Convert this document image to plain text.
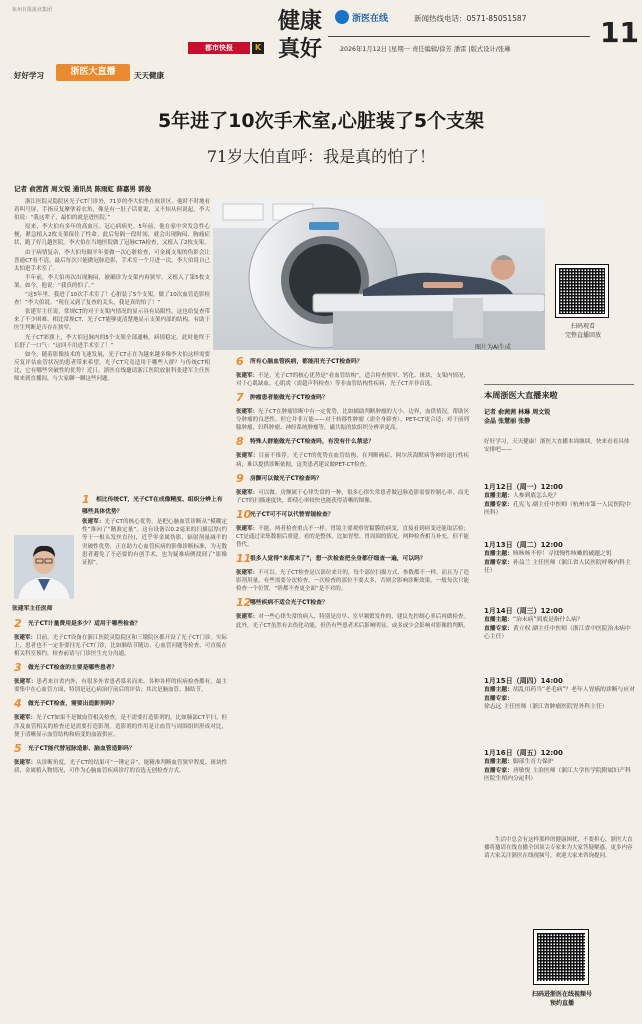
杭州日报报业集团
都市快报	K
健康
真好
浙医在线	新闻热线电话：0571-85051587
2026年1月12日 |星期一 责任编辑/徐芳 潘雷 |版式设计/张琳
11
好好学习	浙医大直播	天天健康
5年进了10次手术室,心脏装了5个支架
71岁大伯直呼：我是真的怕了！
记者 俞茜茜 周文锐 通讯员 陈雨虹 薛嘉男 郭俊
图片为AI生成
扫码观看
完整直播回放

浙江医院灵隐院区光子CT门诊外，71岁的李大伯坐在候诊区。他时不时地看着叫号屏，手指反复摩挲着衣角，像是有一肚子话要说，又不知从何说起。李大伯说：“我这辈子，最怕的就是进医院。”

原来，李大伯有多年的高血压、冠心病病史。5年前，他在家中突发急性心梗，紧急植入2枚支架保住了性命。此后每隔一段时间，就会出现胸闷、胸痛症状，跑了好几趟医院。李大伯在当地医院做了冠脉CTA检查，又植入了2枚支架。

由于病情复杂，李大伯每隔半年要做一次心脏检查，可金属支架的伪影会让普通CT看不清，最后每次只能做冠脉造影，手术室一个月进一次。李大伯说自己太怕进手术室了。

半年前，李大伯再次出现胸闷，被确诊为支架内再狭窄，又植入了第5枚支架。如今，他说：“我真的怕了。”

“这5年里，我进了10次手术室了！心脏装了5个支架，做了10次血管造影检查！”李大伯说。“现在又到了复查的关头，我是真的怕了！”

张建军主任说，常规CT的对于支架内情况的显示具有局限性，这也给复查带来了不少困难。相比常规CT，光子CT能够更清楚地显示支架内部的结构，有助于医生判断是否存在狭窄。

光子CT彩旗上，李大伯冠脉内的5个支架全部通畅，病情稳定。此时他终于长舒了一口气：“这回不用进手术室了！”

如今，随着影像技术的飞速发展，光子CT正在为越来越多像李大伯这样需要反复评估血管状况的患者带来希望。光子CT究竟适用于哪些人群？与传统CT相比，它有哪些突破性的优势？近日，浙医在线邀请浙江医院放射科张建军主任医师来到直播间，与大家聊一聊这些问题。

张建军主任医师
1 相比传统CT，光子CT在成像精度、组织分辨上有哪些具体优势？
张建军：光子CT的核心优势，是把心脑血管诊断从“模糊定性”推向了“精准定量”。这台设备以0.2毫米的扫描层厚(约等于一根头发丝直径)，近乎零金属伪影、辐射剂量减半的突破性优势，正在助力心血管疾病的影像诊断标准，为无数患者避免了不必要的有创手术，也为疑难病例找到了“影像证据”。
2 光子CT计量费用是多少？适用于哪些检查？
张建军：目前，光子CT设备在浙江医院灵隐院区和三墩院区都开设了光子CT门诊。实际上，患者也不一定非要挂光子CT门诊，比如肺结节随访、心血管问题等检查，可直接在相关科室预约，检查前请与门诊医生充分沟通。
3 做光子CT检查的主要是哪些患者？
张建军：患者来自省内外，有很多外省患者慕名而来。各种各样的疾病检查都有，最主要集中在心血管方面，特别是冠心病治疗前后的评估；其次是脑血管、肺结节。
4 做光子CT检查，需要出造影剂吗？
张建军：光子CT如果不是做血管相关检查，是不需要打造影剂的，比如肺部CT平扫。但涉及血管相关的检查还是需要打造影剂。造影剂的作用是让血管与周围组织形成对比，便于清晰显示血管结构和病变的血液供应。
5 光子CT能代替冠脉造影、脑血管造影吗？
张建军：从诊断角度，光子CT的结果可“一锤定音”，能精准判断血管狭窄程度、斑块性质、金属植入物情况，可作为心脑血管疾病诊疗的首选无创检查方式。
6 所有心脑血管疾病，都能用光子CT检查吗？
张建军：不是。光子CT的核心优势是“看血管结构”，适合检查狭窄、钙化、斑块、支架内情况，对于心肌缺血、心肌炎（需超声科检查）等非血管结构性疾病，光子CT并非首选。
7 肿瘤患者能做光子CT检查吗？
张建军：光子CT在肿瘤诊断中有一定优势，比如辅助判断肿瘤的大小、边界，血供情况，帮助区分肿瘤的良恶性。但它并非万能——对于转移性肿瘤（需全身筛查），PET-CT更合适；对于前列腺肿瘤、妇科肿瘤、神经系统肿瘤等，磁共振的软组织分辨率更高。
8 特殊人群能做光子CT检查吗，有没有什么禁忌？
张建军：目前不推荐。光子CT的优势在血管结构，在判断癌症、阿尔茨海默病等神经退行性疾病，难以提供诊断依据，这类患者建议做PET-CT检查。
9 房颤可以做光子CT检查吗？
张建军：可以做。房颤属于心律失常的一种，很多心律失常患者做冠脉造影需要控制心率，而光子CT的扫描速度快，即使心率较快也能获得清晰的图像。
10光子CT可不可以代替胃镜检查？
张建军：不能，两者检查重点不一样。胃镜主要观察胃黏膜的病变，直接看到病变还能取活检；CT是通过采集数据后重建，看的是整体，比如胃壁、胃周围的情况。两种检查相互补充，但不能替代。
11很多人觉得“来都来了”，想一次检查把全身都仔细查一遍，可以吗？
张建军：不可以。光子CT检查是以部位来计的，每个部位扫描方式、参数都不一样。而且为了造影剂用量，有些需要分次检查，一次检查的部位不要太多，否则会影响诊断效果。一般每次只能检查一个位置，“啥都不查更全面”是不对的。
12哪些疾病不适合光子CT检查？
张建军：对一些心律失常的病人，特别是房早、室早频繁发作的，建议先控制心率后再做检查。此外，光子CT虽然有去伪化功能，但仍有些患者术后影响明显，或多或少会影响对影像的判断。
本周浙医大直播来啦
记者 俞茜茜 林琳 周文锐
金晶 张慧丽 张静
好好学习，天天健康！浙医大直播本周继续，快来看看具体安排吧——
1月12日（周一）12:00
直播主题：人参到底怎么吃？
直播专家：孔宪飞 副主任中医师（杭州市第一人民医院中医科）
1月13日（周二）12:00
直播主题：咳咳咳不停！寻找慢性咳嗽的破题之钥
直播专家：孙益兰 主任医师（浙江省人民医院呼吸内科主任）
1月14日（周三）12:00
直播主题：“治未病”到底是指什么病？
直播专家：黄立权 副主任中医师（浙江省中医院治未病中心主任）
1月15日（周四）14:00
直播主题：胡乱用药当“老毛病”？老年人胃癌的诊断与应对
直播专家：徐志远 主任医师（浙江省肿瘤医院胃外科主任）
1月16日（周五）12:00
直播主题：脚部生育力保护
直播专家：唐敏悦 主治医师（浙江大学医学院附属妇产科医院生殖内分泌科）
生活中总会有这样那样的健康困扰，不要担心，浙医大直播将邀请在线直播全国顶尖专家来为大家答疑解惑。更多内容请大家关注浙医在线视频号，欢迎大家来咨询提问。
扫码进浙医在线视频号
预约直播
